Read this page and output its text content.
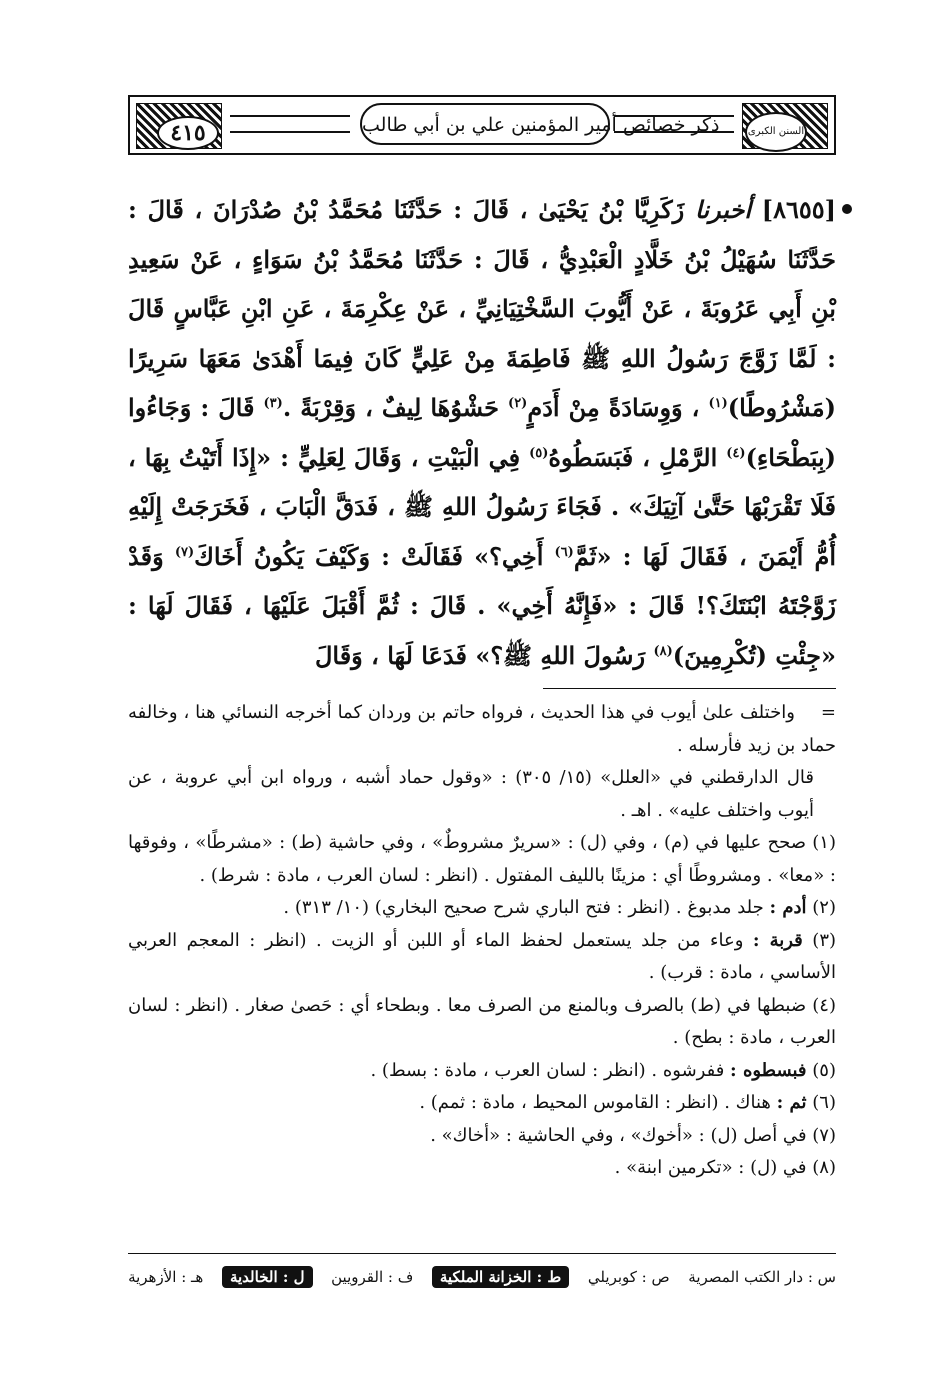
٤١٥	ذكر خصائص أمير المؤمنين علي بن أبي طالب	السنن الكبرى
[٨٦٥٥] أخبرنا زَكَرِيَّا بْنُ يَحْيَىٰ ، قَالَ : حَدَّثَنَا مُحَمَّدُ بْنُ صُدْرَانَ ، قَالَ : حَدَّثَنَا سُهَيْلُ بْنُ خَلَّادٍ الْعَبْدِيُّ ، قَالَ : حَدَّثَنَا مُحَمَّدُ بْنُ سَوَاءٍ ، عَنْ سَعِيدِ بْنِ أَبِي عَرُوبَةَ ، عَنْ أَيُّوبَ السَّخْتِيَانِيِّ ، عَنْ عِكْرِمَةَ ، عَنِ ابْنِ عَبَّاسٍ قَالَ : لَمَّا زَوَّجَ رَسُولُ اللهِ ﷺ فَاطِمَةَ مِنْ عَلِيٍّ كَانَ فِيمَا أَهْدَىٰ مَعَهَا سَرِيرًا (مَشْرُوطًا)$^{(١)}$ ، وَوِسَادَةً مِنْ أَدَمٍ$^{(٢)}$ حَشْوُهَا لِيفٌ ، وَقِرْبَةً .$^{(٣)}$ قَالَ : وَجَاءُوا (بِبَطْحَاءِ)$^{(٤)}$ الرَّمْلِ ، فَبَسَطُوهُ$^{(٥)}$ فِي الْبَيْتِ ، وَقَالَ لِعَلِيٍّ : «إِذَا أَتَيْتُ بِهَا ، فَلَا تَقْرَبْهَا حَتَّىٰ آتِيَكَ» . فَجَاءَ رَسُولُ اللهِ ﷺ ، فَدَقَّ الْبَابَ ، فَخَرَجَتْ إِلَيْهِ أُمُّ أَيْمَنَ ، فَقَالَ لَهَا : «ثَمَّ$^{(٦)}$ أَخِي؟» فَقَالَتْ : وَكَيْفَ يَكُونُ أَخَاكَ$^{(٧)}$ وَقَدْ زَوَّجْتَهُ ابْنَتَكَ؟! قَالَ : «فَإِنَّهُ أَخِي» . قَالَ : ثُمَّ أَقْبَلَ عَلَيْهَا ، فَقَالَ لَهَا : «جِئْتِ (تُكْرِمِينَ)$^{(٨)}$ رَسُولَ اللهِ ﷺ؟» فَدَعَا لَهَا ، وَقَالَ

=واختلف علىٰ أيوب في هذا الحديث ، فرواه حاتم بن وردان كما أخرجه النسائي هنا ، وخالفه حماد بن زيد فأرسله .

قال الدارقطني في «العلل» (١٥/ ٣٠٥) : «وقول حماد أشبه ، ورواه ابن أبي عروبة ، عن أيوب واختلف عليه» . اهـ .

(١) صحح عليها في (م) ، وفي (ل) : «سريرٌ مشروطٌ» ، وفي حاشية (ط) : «مشرطًا» ، وفوقها : «معا» . ومشروطًا أي : مزينًا بالليف المفتول . (انظر : لسان العرب ، مادة : شرط) .

(٢) أدم : جلد مدبوغ . (انظر : فتح الباري شرح صحيح البخاري) (١٠/ ٣١٣) .

(٣) قربة : وعاء من جلد يستعمل لحفظ الماء أو اللبن أو الزيت . (انظر : المعجم العربي الأساسي ، مادة : قرب) .

(٤) ضبطها في (ط) بالصرف وبالمنع من الصرف معا . وبطحاء أي : حَصىٰ صغار . (انظر : لسان العرب ، مادة : بطح) .

(٥) فبسطوه : ففرشوه . (انظر : لسان العرب ، مادة : بسط) .

(٦) ثم : هناك . (انظر : القاموس المحيط ، مادة : ثمم) .

(٧) في أصل (ل) : «أخوك» ، وفي الحاشية : «أخاك» .

(٨) في (ل) : «تكرمين ابنة» .

س : دار الكتب المصرية
ص : كوبريلي
ط : الخزانة الملكية
ف : القرويين
ل : الخالدية
هـ : الأزهرية
